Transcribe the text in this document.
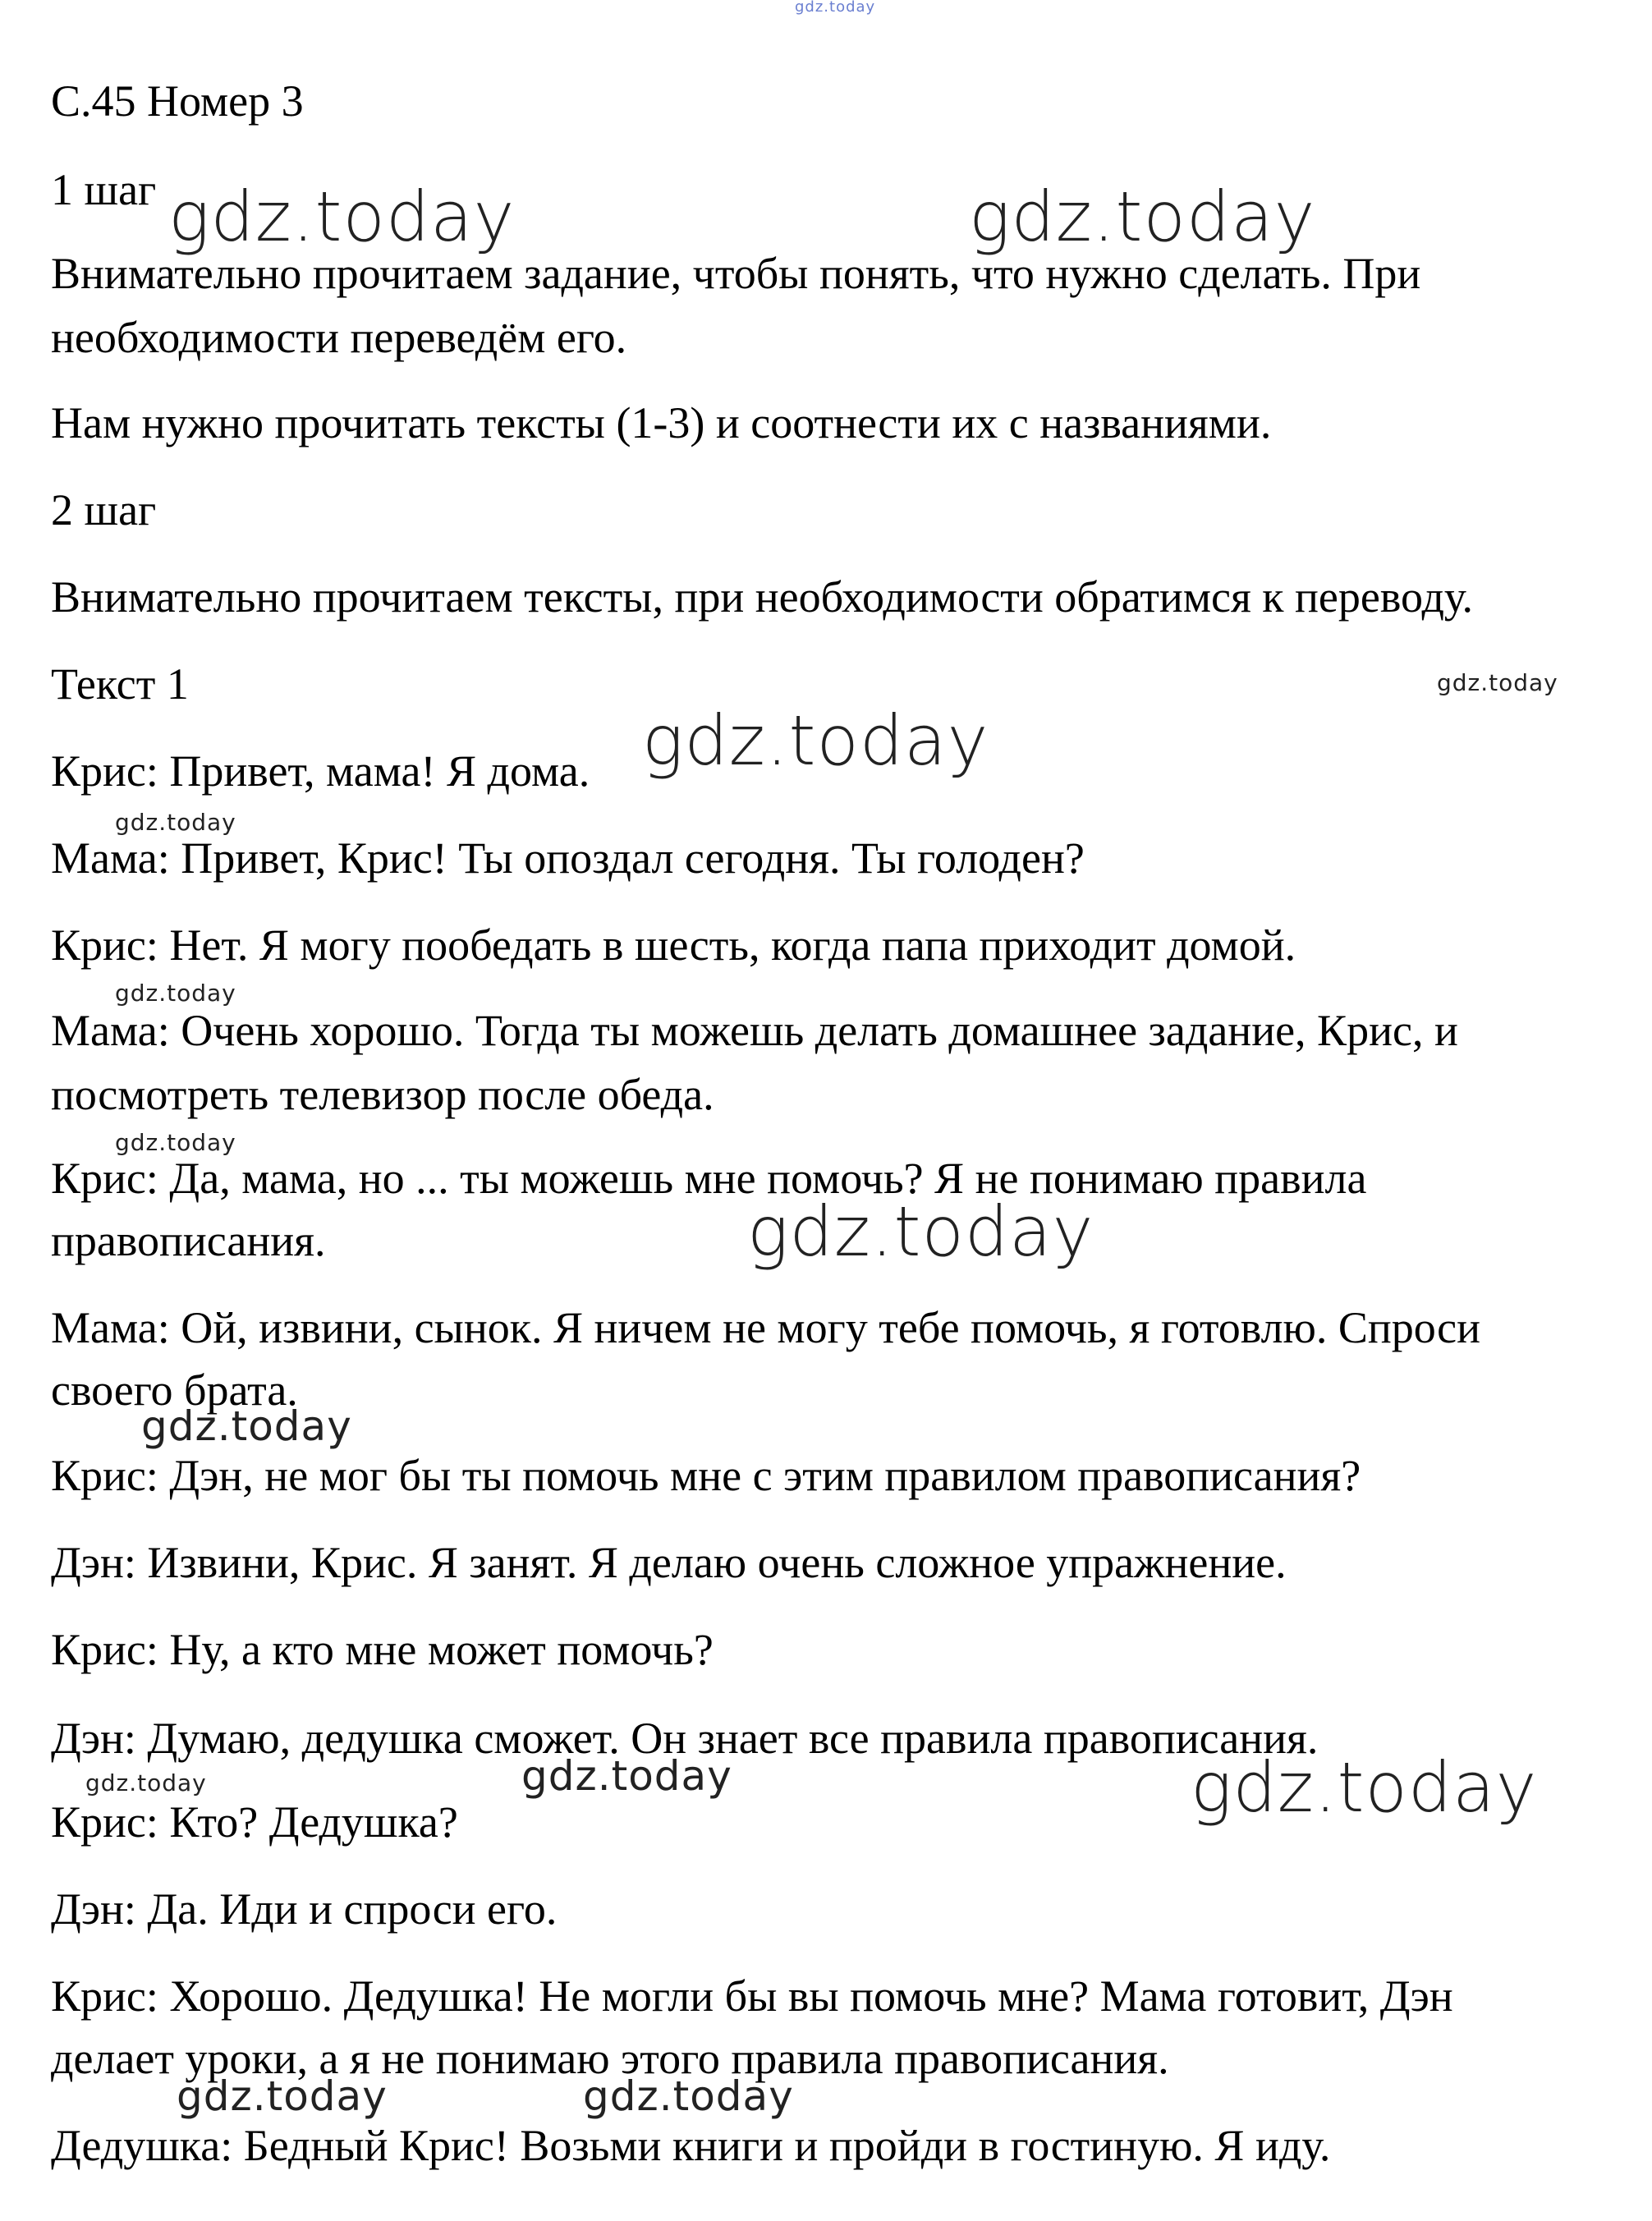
gdz.today
gdz.today	gdz.today
gdz.today
gdz.today
gdz.today
gdz.today
gdz.today
gdz.today
gdz.today
gdz.today	gdz.today	gdz.today
gdz.today	gdz.today
С.45 Номер 3
1 шаг
Внимательно прочитаем задание, чтобы понять, что нужно сделать. При
необходимости переведём его.
Нам нужно прочитать тексты (1-3) и соотнести их с названиями.
2 шаг
Внимательно прочитаем тексты, при необходимости обратимся к переводу.
Текст 1
Крис: Привет, мама! Я дома.
Мама: Привет, Крис! Ты опоздал сегодня. Ты голоден?
Крис: Нет. Я могу пообедать в шесть, когда папа приходит домой.
Мама: Очень хорошо. Тогда ты можешь делать домашнее задание, Крис, и
посмотреть телевизор после обеда.
Крис: Да, мама, но ... ты можешь мне помочь? Я не понимаю правила
правописания.
Мама: Ой, извини, сынок. Я ничем не могу тебе помочь, я готовлю. Спроси
своего брата.
Крис: Дэн, не мог бы ты помочь мне с этим правилом правописания?
Дэн: Извини, Крис. Я занят. Я делаю очень сложное упражнение.
Крис: Ну, а кто мне может помочь?
Дэн: Думаю, дедушка сможет. Он знает все правила правописания.
Крис: Кто? Дедушка?
Дэн: Да. Иди и спроси его.
Крис: Хорошо. Дедушка! Не могли бы вы помочь мне? Мама готовит, Дэн
делает уроки, а я не понимаю этого правила правописания.
Дедушка: Бедный Крис! Возьми книги и пройди в гостиную. Я иду.
